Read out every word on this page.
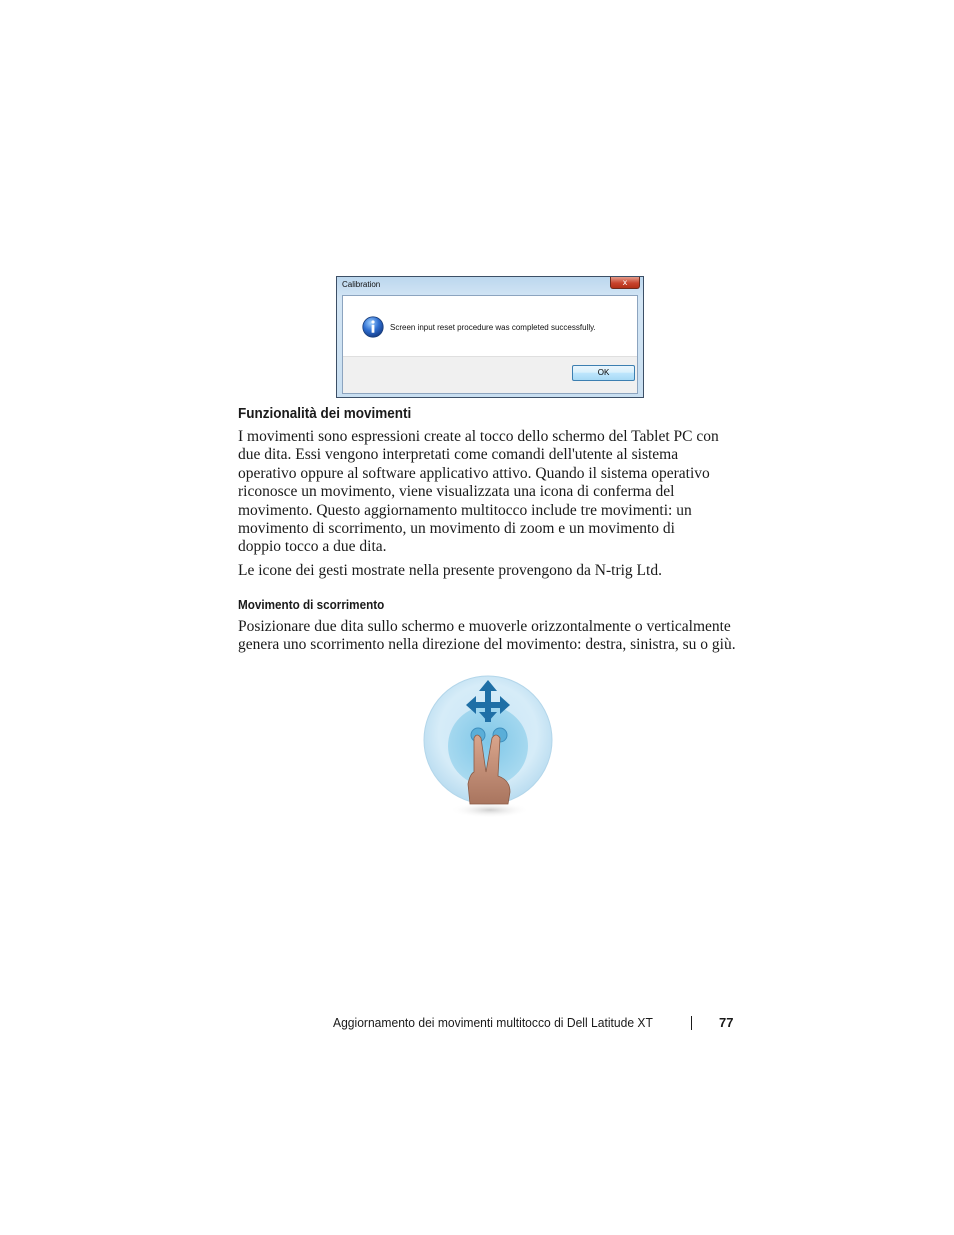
Calibration	x
Screen input reset procedure was completed successfully.
OK
Funzionalità dei movimenti
I movimenti sono espressioni create al tocco dello schermo del Tablet PC con
due dita. Essi vengono interpretati come comandi dell'utente al sistema
operativo oppure al software applicativo attivo. Quando il sistema operativo
riconosce un movimento, viene visualizzata una icona di conferma del
movimento. Questo aggiornamento multitocco include tre movimenti: un
movimento di scorrimento, un movimento di zoom e un movimento di
doppio tocco a due dita.
Le icone dei gesti mostrate nella presente provengono da N-trig Ltd.
Movimento di scorrimento
Posizionare due dita sullo schermo e muoverle orizzontalmente o verticalmente
genera uno scorrimento nella direzione del movimento: destra, sinistra, su o giù.
Aggiornamento dei movimenti multitocco di Dell Latitude XT	77
